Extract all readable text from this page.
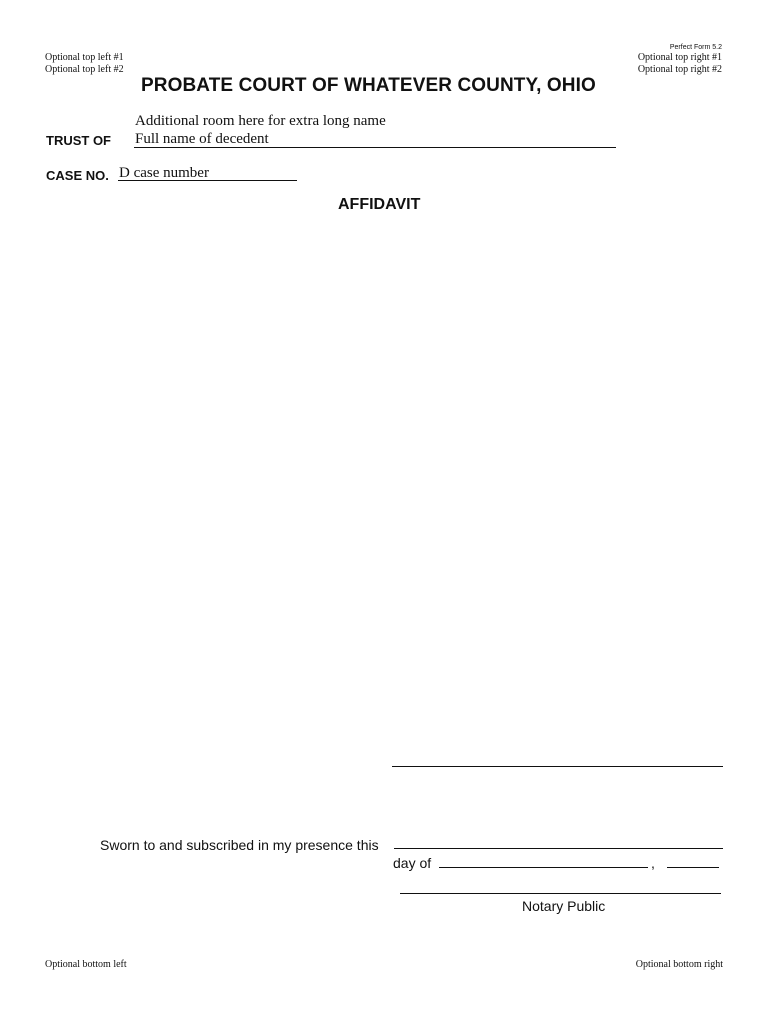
Perfect Form 5.2
Optional top left #1
Optional top left #2
Optional top right #1
Optional top right #2
PROBATE COURT OF WHATEVER COUNTY, OHIO
Additional room here for extra long name
TRUST OF Full name of decedent
CASE NO. D case number
AFFIDAVIT
Sworn to and subscribed in my presence this
day of	,
Notary Public
Optional bottom left	Optional bottom right
